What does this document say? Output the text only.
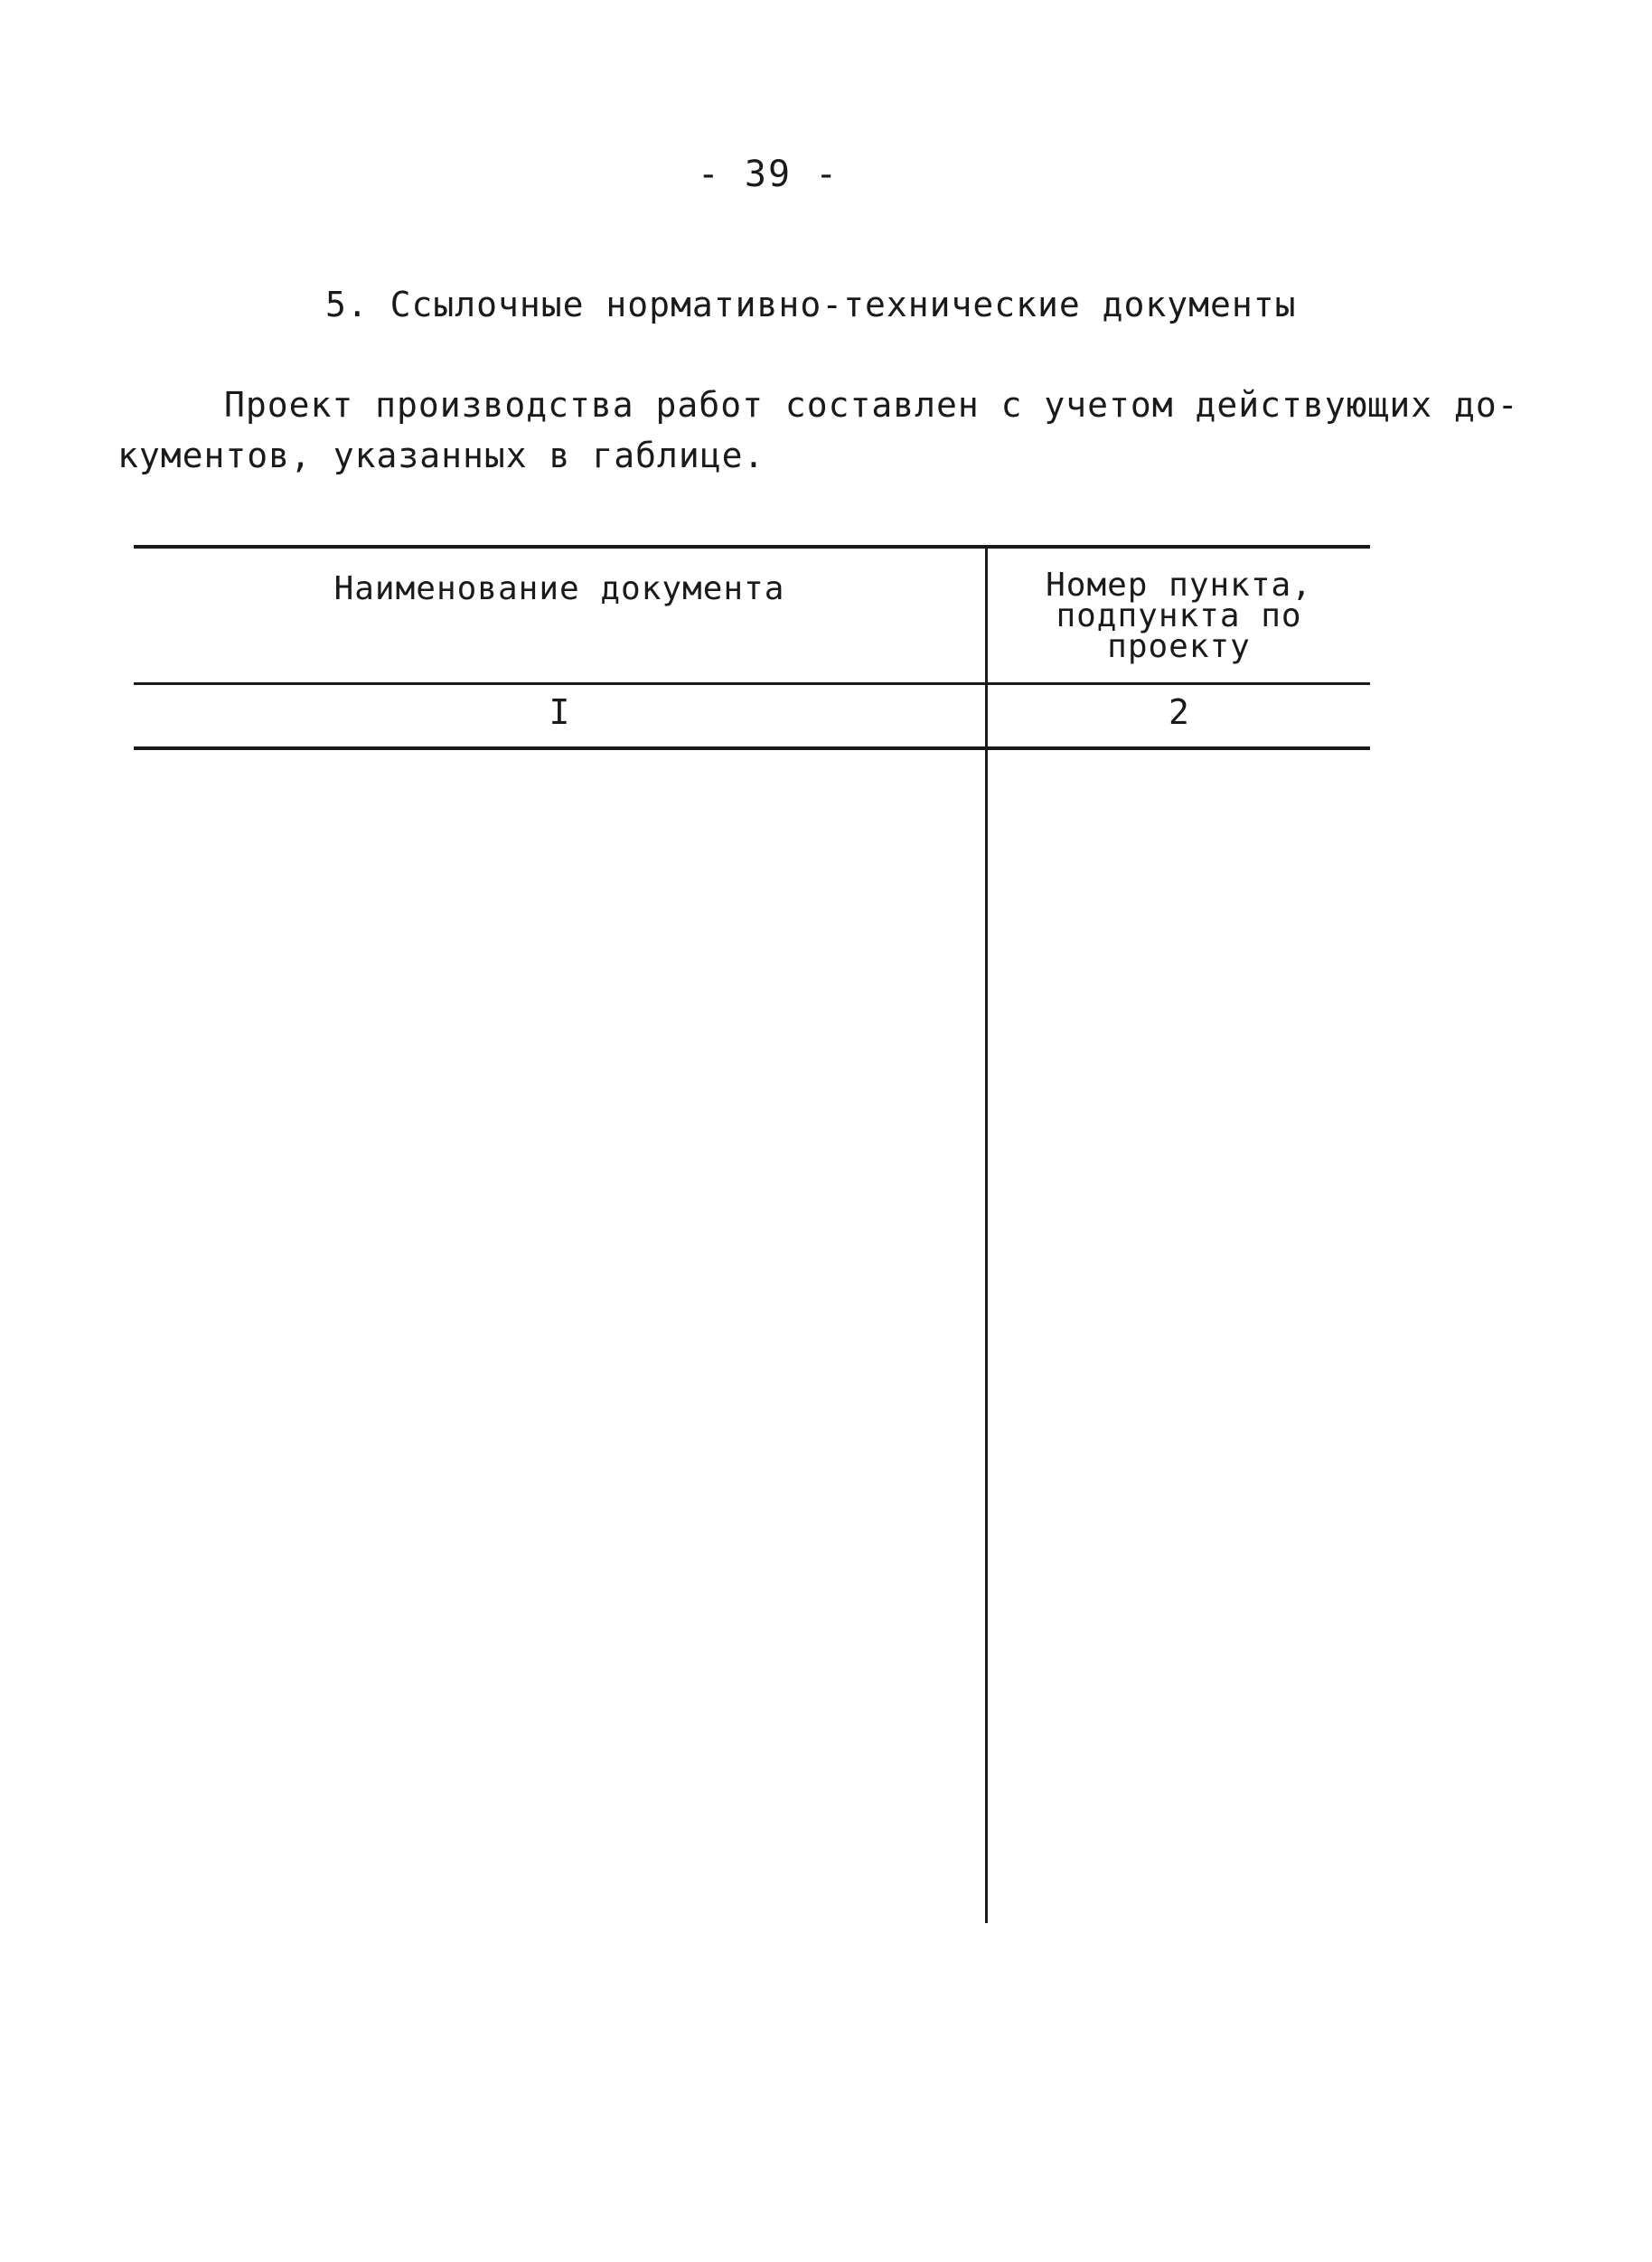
- 39 -
5. Ссылочные нормативно-технические документы
Проект производства работ составлен с учетом действующих до-
кументов, указанных в габлице.
Наименование документа	Номер пункта,
подпункта по
проекту
I	2
